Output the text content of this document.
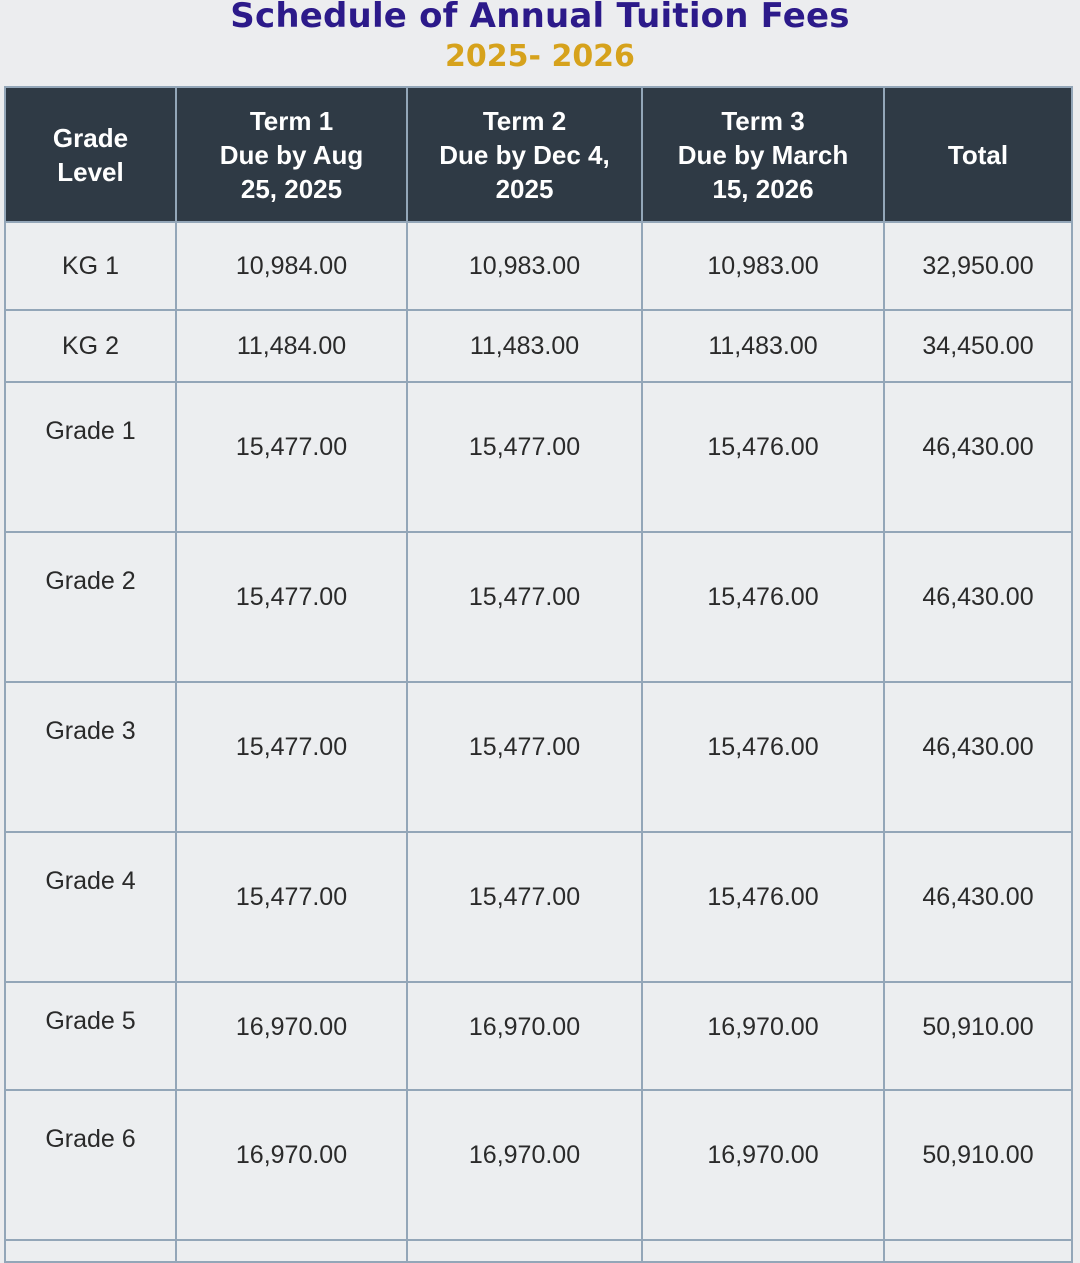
Schedule of Annual Tuition Fees
2025- 2026
Grade
Level	Term 1
Due by Aug
25, 2025	Term 2
Due by Dec 4,
2025	Term 3
Due by March
15, 2026	Total

KG 1	10,984.00	10,983.00	10,983.00	32,950.00
KG 2	11,484.00	11,483.00	11,483.00	34,450.00
Grade 1	15,477.00	15,477.00	15,476.00	46,430.00
Grade 2	15,477.00	15,477.00	15,476.00	46,430.00
Grade 3	15,477.00	15,477.00	15,476.00	46,430.00
Grade 4	15,477.00	15,477.00	15,476.00	46,430.00
Grade 5	16,970.00	16,970.00	16,970.00	50,910.00
Grade 6	16,970.00	16,970.00	16,970.00	50,910.00
